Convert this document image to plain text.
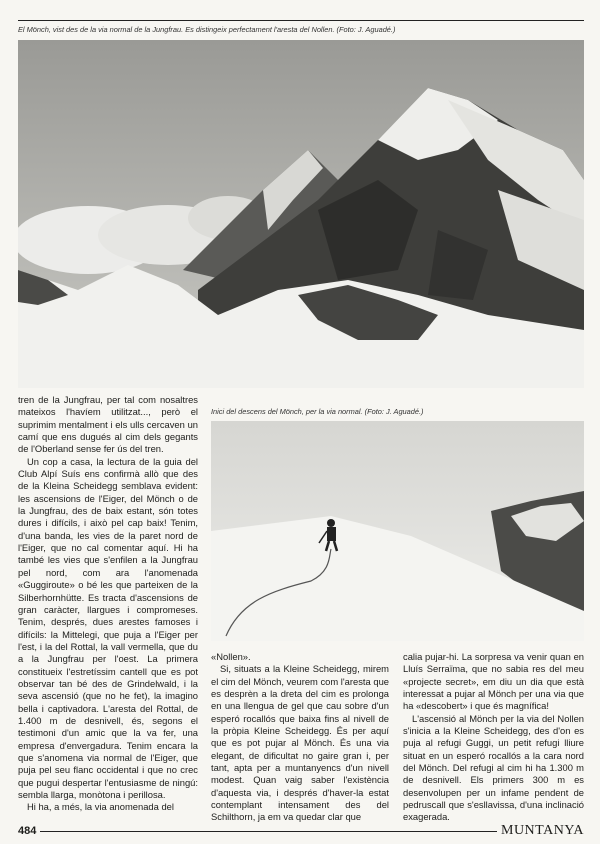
El Mönch, vist des de la via normal de la Jungfrau. Es distingeix perfectament l'aresta del Nollen. (Foto: J. Aguadé.)

tren de la Jungfrau, per tal com nosaltres mateixos l'havíem utilitzat..., però el suprimim mentalment i els ulls cercaven un camí que ens dugués al cim dels gegants de l'Oberland sense fer ús del tren.

Un cop a casa, la lectura de la guia del Club Alpí Suís ens confirmà allò que des de la Kleina Scheidegg semblava evident: les ascensions de l'Eiger, del Mönch o de la Jungfrau, des de baix estant, són totes dures i difícils, i això pel cap baix! Tenim, d'una banda, les vies de la paret nord de l'Eiger, que no cal comentar aquí. Hi ha també les vies que s'enfilen a la Jungfrau pel nord, com ara l'anomenada «Guggiroute» o bé les que parteixen de la Silberhornhütte. Es tracta d'ascensions de gran caràcter, llargues i compromeses. Tenim, després, dues arestes famoses i difícils: la Mittelegi, que puja a l'Eiger per l'est, i la del Rottal, la vall vermella, que du a la Jungfrau per l'oest. La primera constitueix l'estretíssim cantell que es pot observar tan bé des de Grindelwald, i la seva ascensió (que no he fet), la imagino bella i captivadora. L'aresta del Rottal, de 1.400 m de desnivell, és, segons el testimoni d'un amic que la va fer, una empresa d'envergadura. Tenim encara la que s'anomena via normal de l'Eiger, que puja pel seu flanc occidental i que no crec que pugui despertar l'entusiasme de ningú: sembla llarga, monòtona i perillosa.

Hi ha, a més, la via anomenada del

Inici del descens del Mönch, per la via normal. (Foto: J. Aguadé.)

«Nollen».

Si, situats a la Kleine Scheidegg, mirem el cim del Mönch, veurem com l'aresta que es desprèn a la dreta del cim es prolonga en una llengua de gel que cau sobre d'un esperó rocallós que baixa fins al nivell de la pròpia Kleine Scheidegg. És per aquí que es pot pujar al Mönch. És una via elegant, de dificultat no gaire gran i, per tant, apta per a muntanyencs d'un nivell modest. Quan vaig saber l'existència d'aquesta via, i després d'haver-la estat contemplant intensament des del Schilthorn, ja em va quedar clar que

calia pujar-hi. La sorpresa va venir quan en Lluís Serraïma, que no sabia res del meu «projecte secret», em diu un dia que està interessat a pujar al Mönch per una via que ha «descobert» i que és magnífica!

L'ascensió al Mönch per la via del Nollen s'inicia a la Kleine Scheidegg, des d'on es puja al refugi Guggi, un petit refugi lliure situat en un esperó rocallós a la cara nord del Mönch. Del refugi al cim hi ha 1.300 m de desnivell. Els primers 300 m es desenvolupen per un infame pendent de pedruscall que s'esllavissa, d'una inclinació exagerada.

484	MUNTANYA
